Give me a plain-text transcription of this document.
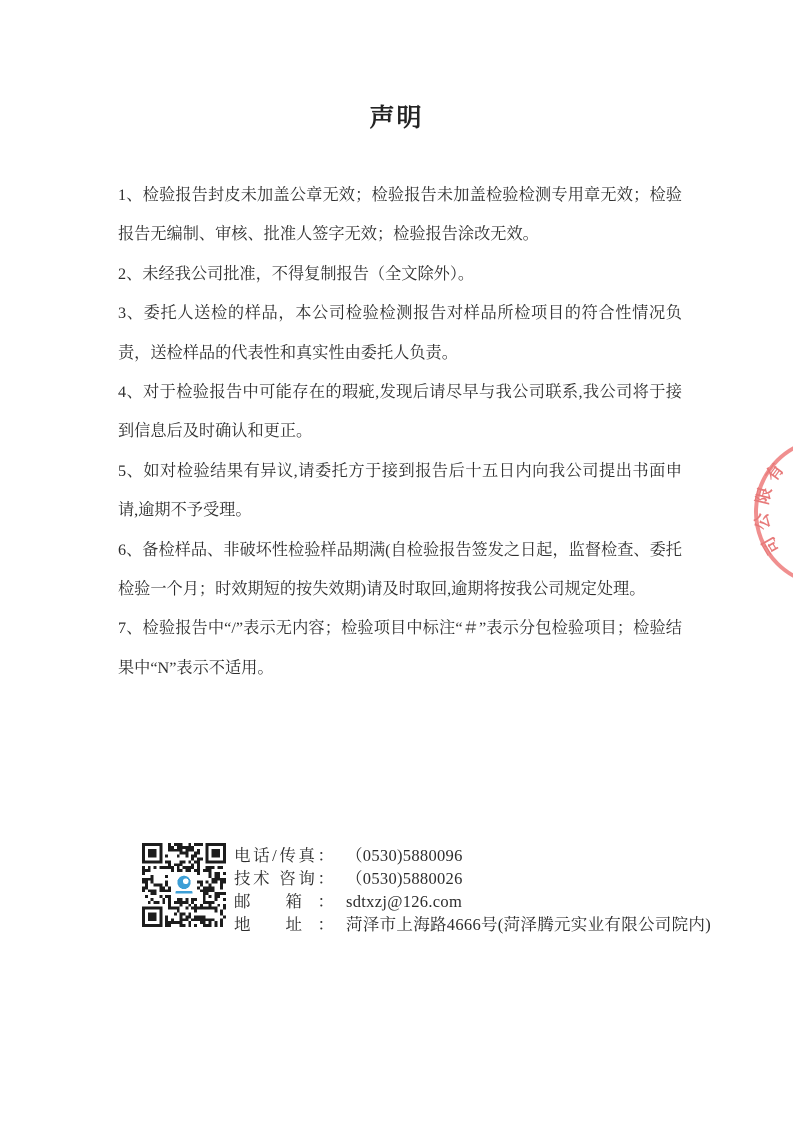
声明

1、检验报告封皮未加盖公章无效；检验报告未加盖检验检测专用章无效；检验报告无编制、审核、批准人签字无效；检验报告涂改无效。

2、未经我公司批准，不得复制报告（全文除外）。

3、委托人送检的样品，本公司检验检测报告对样品所检项目的符合性情况负责，送检样品的代表性和真实性由委托人负责。

4、对于检验报告中可能存在的瑕疵,发现后请尽早与我公司联系,我公司将于接到信息后及时确认和更正。

5、如对检验结果有异议,请委托方于接到报告后十五日内向我公司提出书面申请,逾期不予受理。

6、备检样品、非破坏性检验样品期满(自检验报告签发之日起，监督检查、委托检验一个月；时效期短的按失效期)请及时取回,逾期将按我公司规定处理。

7、检验报告中“/”表示无内容；检验项目中标注“＃”表示分包检验项目；检验结果中“N”表示不适用。

电话/传真： （0530)5880096
技术 咨询： （0530)5880026
邮 箱： sdtxzj@126.com
地 址： 菏泽市上海路4666号(菏泽腾元实业有限公司院内)
有
限
公
司
